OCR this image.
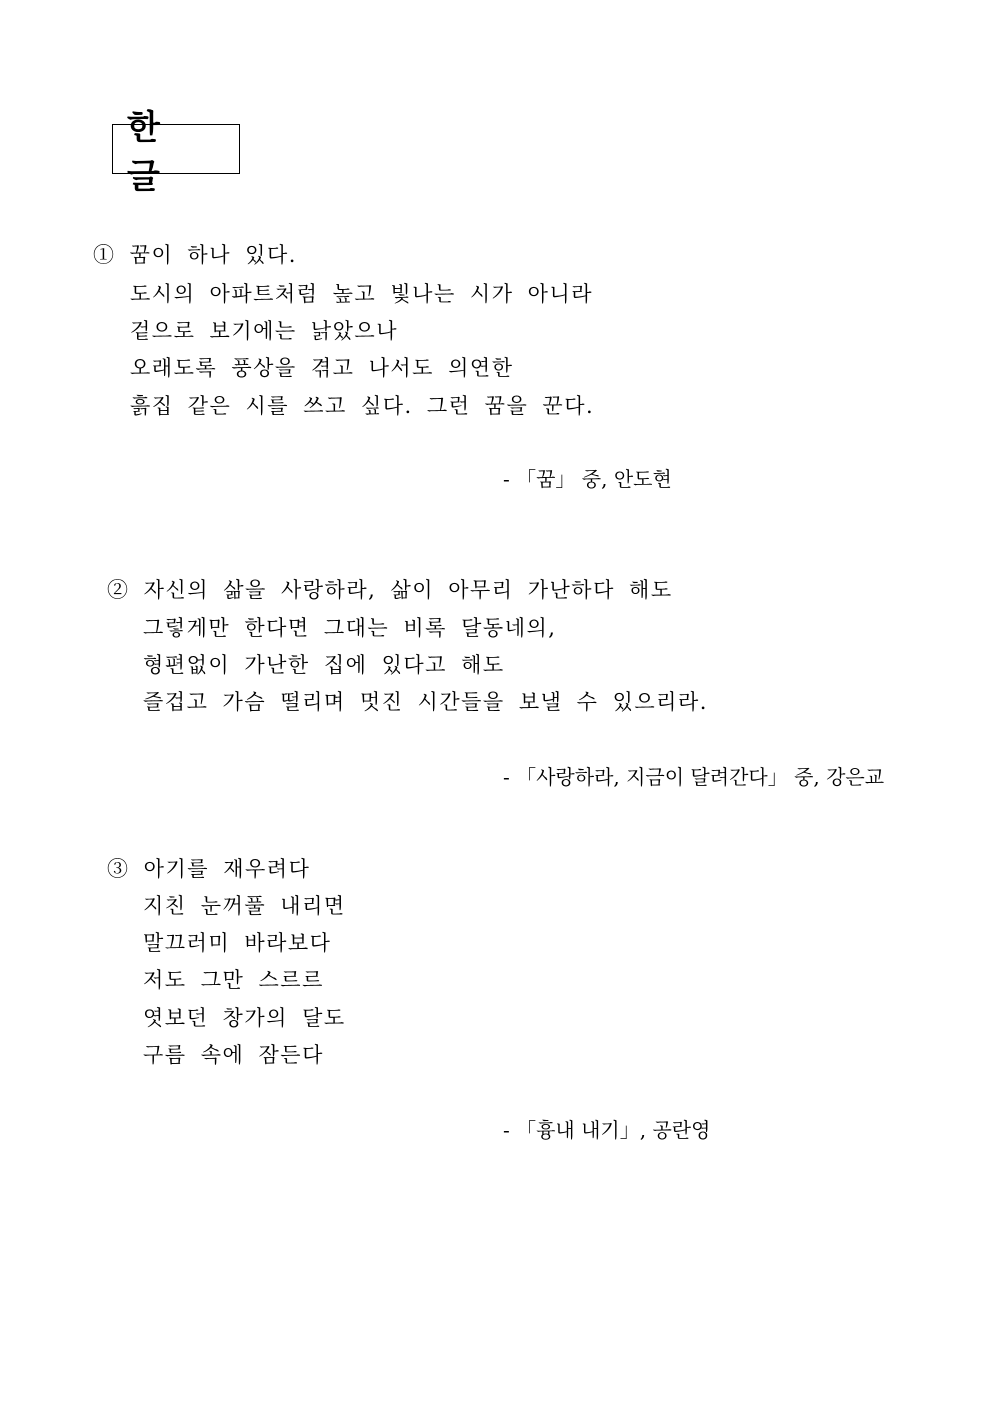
한 글
① 꿈이 하나 있다.
도시의 아파트처럼 높고 빛나는 시가 아니라
겉으로 보기에는 낡았으나
오래도록 풍상을 겪고 나서도 의연한
흙집 같은 시를 쓰고 싶다. 그런 꿈을 꾼다.
- 「꿈」 중, 안도현
② 자신의 삶을 사랑하라, 삶이 아무리 가난하다 해도
그렇게만 한다면 그대는 비록 달동네의,
형편없이 가난한 집에 있다고 해도
즐겁고 가슴 떨리며 멋진 시간들을 보낼 수 있으리라.
- 「사랑하라, 지금이 달려간다」 중, 강은교
③ 아기를 재우려다
지친 눈꺼풀 내리면
말끄러미 바라보다
저도 그만 스르르
엿보던 창가의 달도
구름 속에 잠든다
- 「흉내 내기」, 공란영
